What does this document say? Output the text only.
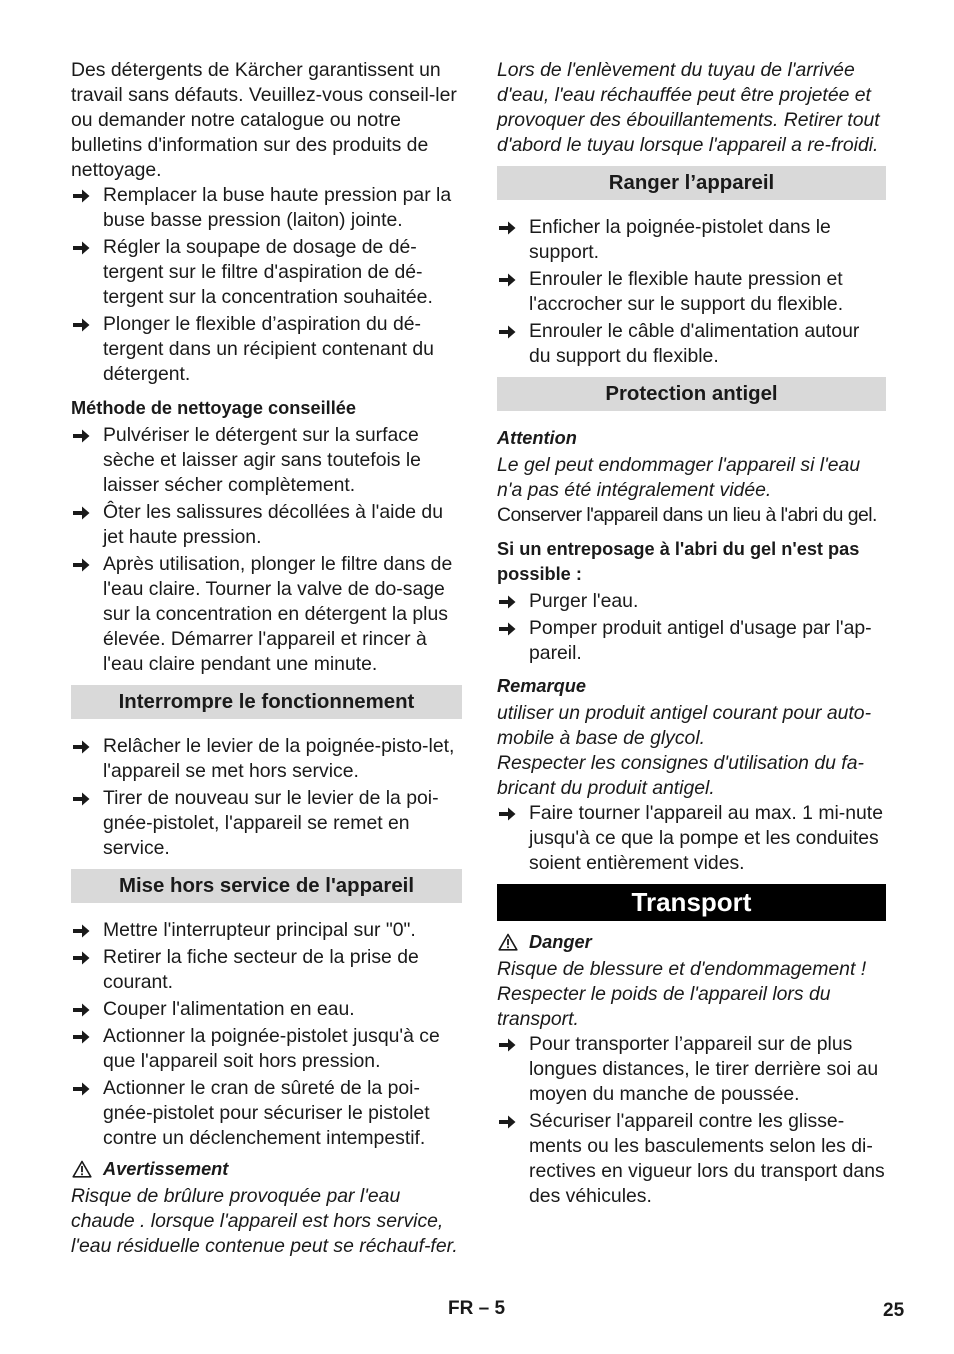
Des détergents de Kärcher garantissent un travail sans défauts. Veuillez-vous conseil-ler ou demander notre catalogue ou notre bulletins d'information sur des produits de nettoyage.

Remplacer la buse haute pression par la buse basse pression (laiton) jointe.
Régler la soupape de dosage de dé-tergent sur le filtre d'aspiration de dé-tergent sur la concentration souhaitée.
Plonger le flexible d’aspiration du dé-tergent dans un récipient contenant du détergent.

Méthode de nettoyage conseillée

Pulvériser le détergent sur la surface sèche et laisser agir sans toutefois le laisser sécher complètement.
Ôter les salissures décollées à l'aide du jet haute pression.
Après utilisation, plonger le filtre dans de l'eau claire. Tourner la valve de do-sage sur la concentration en détergent la plus élevée. Démarrer l'appareil et rincer à l'eau claire pendant une minute.
Interrompre le fonctionnement
Relâcher le levier de la poignée-pisto-let, l'appareil se met hors service.
Tirer de nouveau sur le levier de la poi-gnée-pistolet, l'appareil se remet en service.
Mise hors service de l'appareil
Mettre l'interrupteur principal sur "0".
Retirer la fiche secteur de la prise de courant.
Couper l'alimentation en eau.
Actionner la poignée-pistolet jusqu'à ce que l'appareil soit hors pression.
Actionner le cran de sûreté de la poi-gnée-pistolet pour sécuriser le pistolet contre un déclenchement intempestif.
Avertissement

Risque de brûlure provoquée par l'eau chaude . lorsque l'appareil est hors service, l'eau résiduelle contenue peut se réchauf-fer.

Lors de l'enlèvement du tuyau de l'arrivée d'eau, l'eau réchauffée peut être projetée et provoquer des ébouillantements. Retirer tout d'abord le tuyau lorsque l'appareil a re-froidi.

Ranger l’appareil
Enficher la poignée-pistolet dans le support.
Enrouler le flexible haute pression et l'accrocher sur le support du flexible.
Enrouler le câble d'alimentation autour du support du flexible.
Protection antigel

Attention

Le gel peut endommager l'appareil si l'eau n'a pas été intégralement vidée.

Conserver l'appareil dans un lieu à l'abri du gel.

Si un entreposage à l'abri du gel n'est pas possible :

Purger l'eau.
Pomper produit antigel d'usage par l'ap-pareil.

Remarque

utiliser un produit antigel courant pour auto-mobile à base de glycol.

Respecter les consignes d'utilisation du fa-bricant du produit antigel.

Faire tourner l'appareil au max. 1 mi-nute jusqu'à ce que la pompe et les conduites soient entièrement vides.
Transport
Danger

Risque de blessure et d'endommagement ! Respecter le poids de l'appareil lors du transport.

Pour transporter l’appareil sur de plus longues distances, le tirer derrière soi au moyen du manche de poussée.
Sécuriser l'appareil contre les glisse-ments ou les basculements selon les di-rectives en vigueur lors du transport dans des véhicules.
FR – 5	25
